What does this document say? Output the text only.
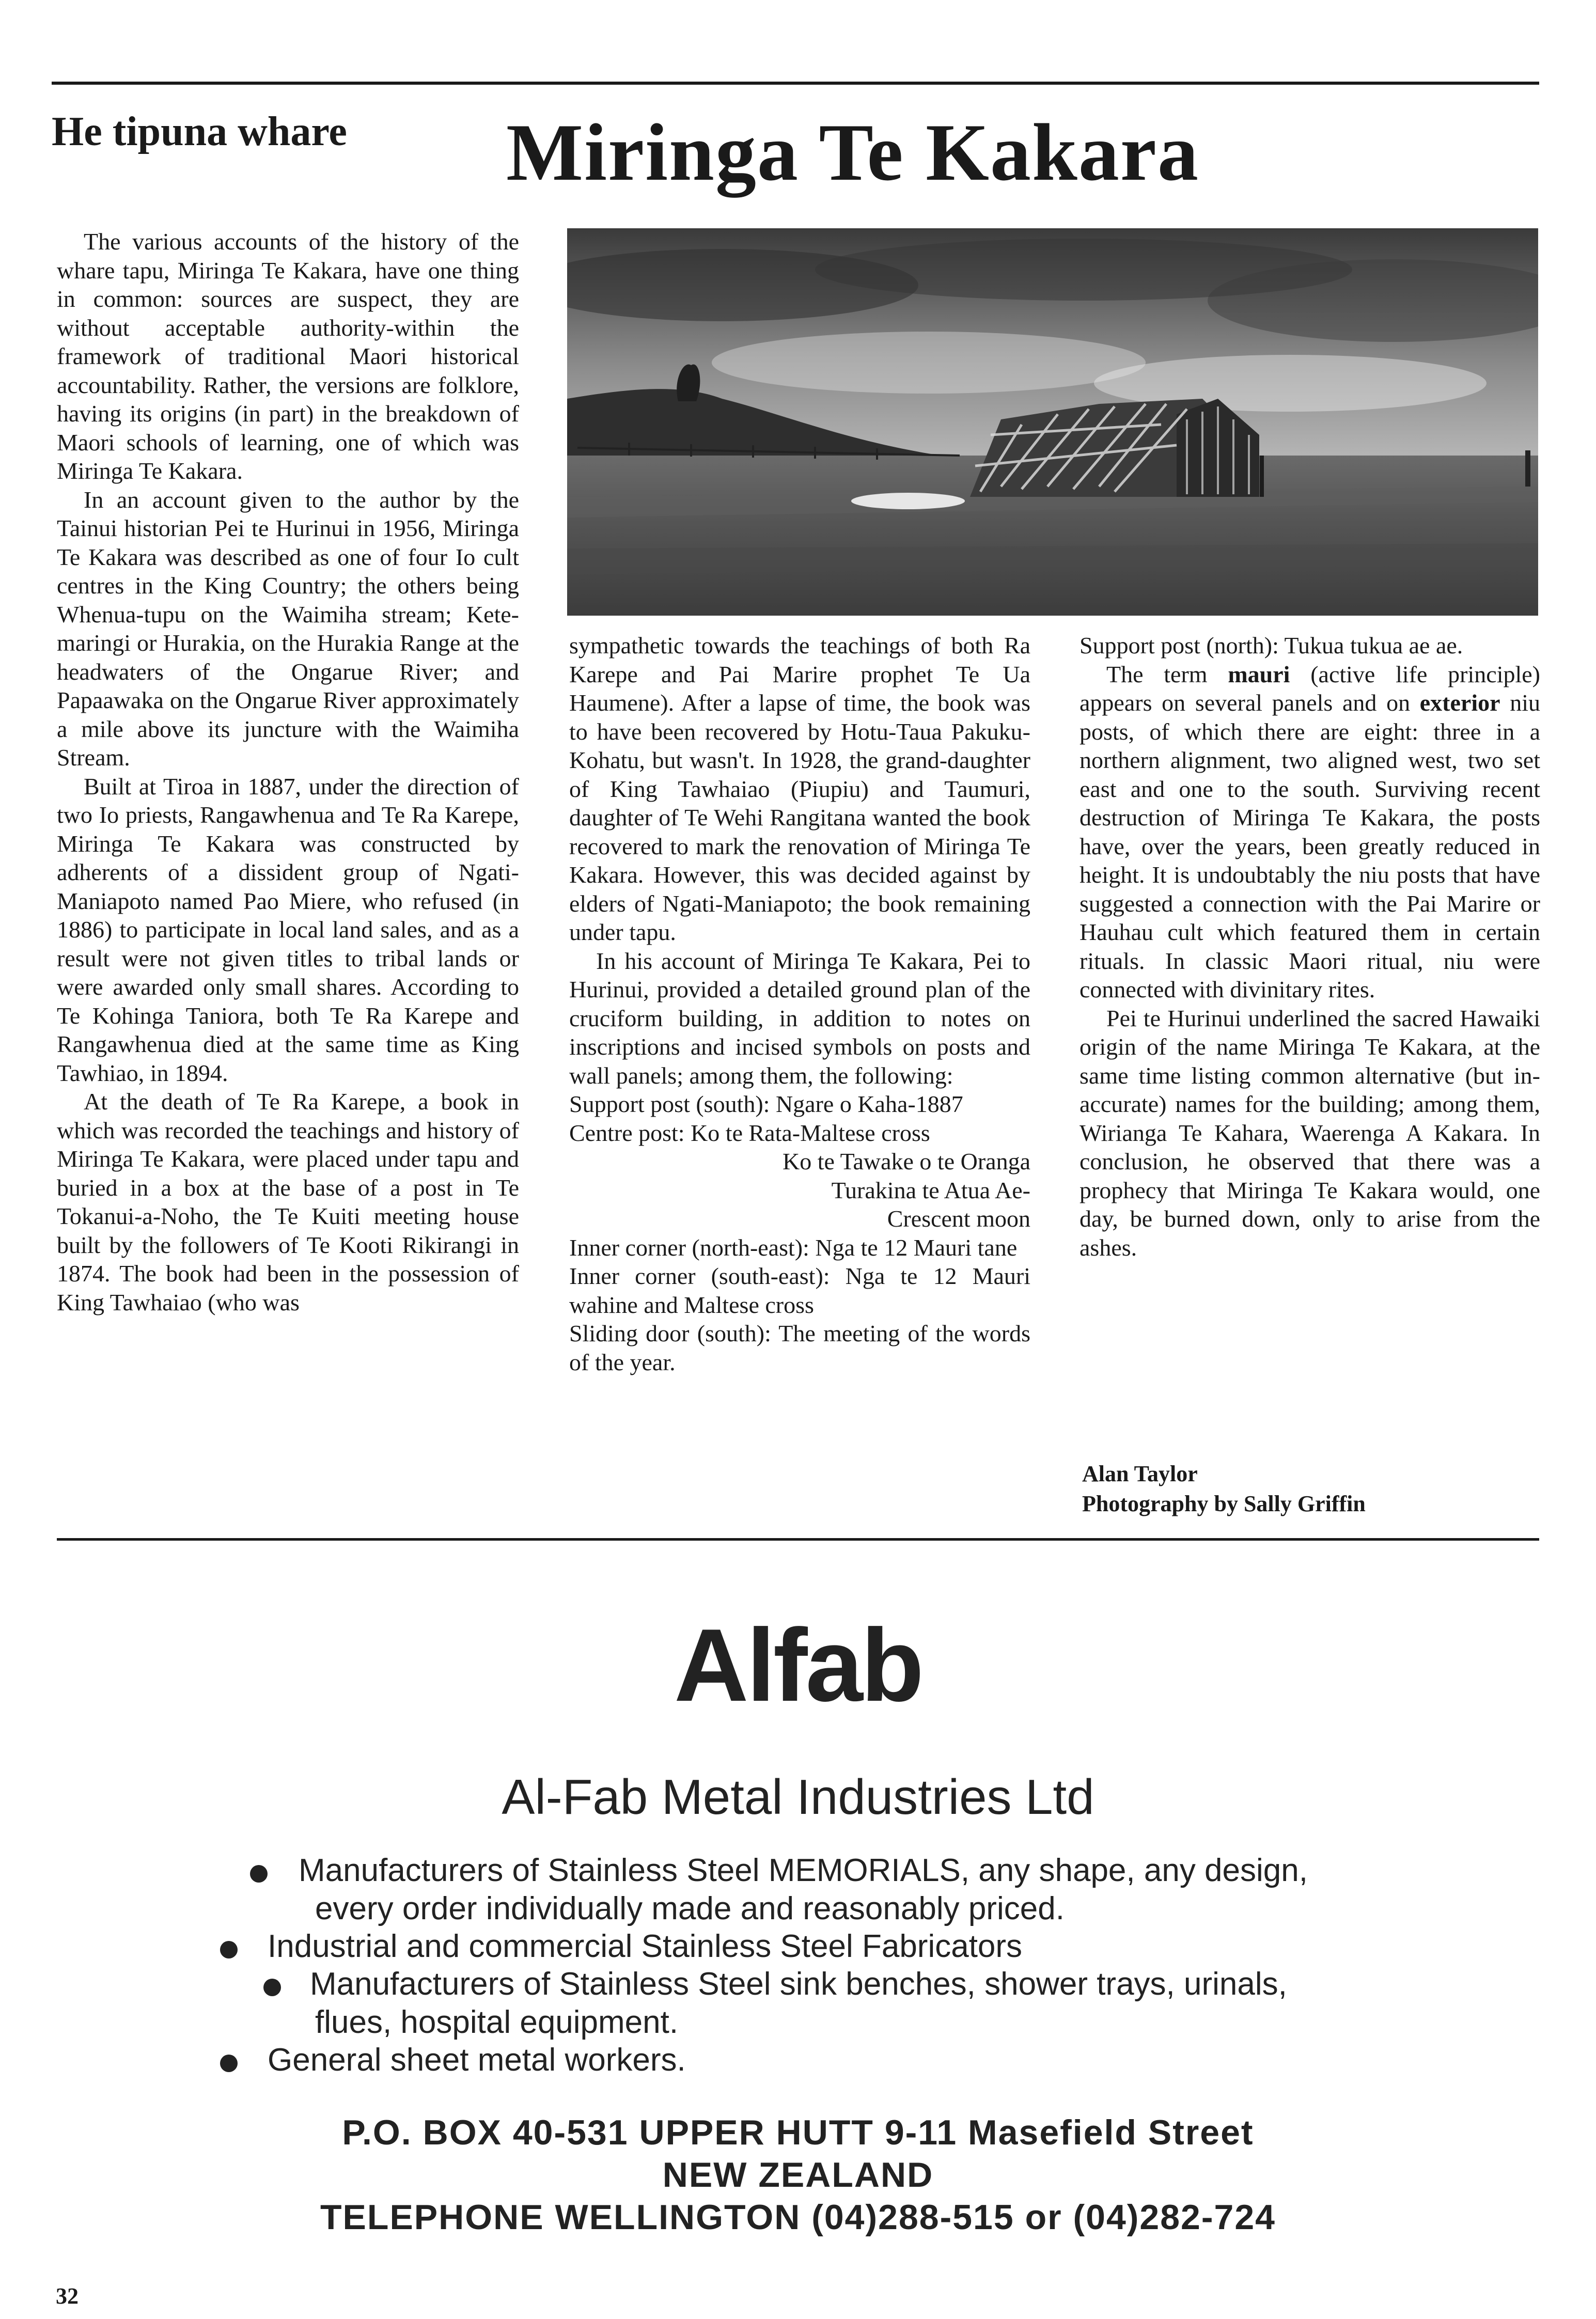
He tipuna whare Miringa Te Kakara

The various accounts of the history of the whare tapu, Miringa Te Kakara, have one thing in common: sources are suspect, they are without acceptable authority-within the framework of traditional Maori historical accountability. Rather, the versions are folklore, having its origins (in part) in the breakdown of Maori schools of learning, one of which was Miringa Te Kakara.

In an account given to the author by the Tainui historian Pei te Hurinui in 1956, Miringa Te Kakara was described as one of four Io cult centres in the King Country; the others being Whenua-tupu on the Waimiha stream; Kete-maringi or Hurakia, on the Hurakia Range at the headwaters of the Ongarue River; and Papaawaka on the Ongarue River approximately a mile above its juncture with the Waimiha Stream.

Built at Tiroa in 1887, under the direction of two Io priests, Rangawhenua and Te Ra Karepe, Miringa Te Kakara was constructed by adherents of a dissident group of Ngati-Maniapoto named Pao Miere, who refused (in 1886) to participate in local land sales, and as a result were not given titles to tribal lands or were awarded only small shares. According to Te Kohinga Taniora, both Te Ra Karepe and Rangawhenua died at the same time as King Tawhiao, in 1894.

At the death of Te Ra Karepe, a book in which was recorded the teachings and history of Miringa Te Kakara, were placed under tapu and buried in a box at the base of a post in Te Tokanui-a-Noho, the Te Kuiti meeting house built by the followers of Te Kooti Rikirangi in 1874. The book had been in the possession of King Tawhaiao (who was

sympathetic towards the teachings of both Ra Karepe and Pai Marire prophet Te Ua Haumene). After a lapse of time, the book was to have been recovered by Hotu-Taua Pakuku-Kohatu, but wasn't. In 1928, the grand-daughter of King Tawhaiao (Piupiu) and Taumuri, daughter of Te Wehi Rangitana wanted the book recovered to mark the renovation of Miringa Te Kakara. However, this was decided against by elders of Ngati-Maniapoto; the book remaining under tapu.

In his account of Miringa Te Kakara, Pei to Hurinui, provided a detailed ground plan of the cruciform building, in addition to notes on inscriptions and incised symbols on posts and wall panels; among them, the following:

Support post (south): Ngare o Kaha-1887

Centre post: Ko te Rata-Maltese cross

Ko te Tawake o te Oranga

Turakina te Atua Ae-

Crescent moon

Inner corner (north-east): Nga te 12 Mauri tane

Inner corner (south-east): Nga te 12 Mauri wahine and Maltese cross

Sliding door (south): The meeting of the words of the year.

Support post (north): Tukua tukua ae ae.

The term mauri (active life principle) appears on several panels and on exterior niu posts, of which there are eight: three in a northern alignment, two aligned west, two set east and one to the south. Surviving recent destruction of Miringa Te Kakara, the posts have, over the years, been greatly reduced in height. It is undoubtably the niu posts that have suggested a connection with the Pai Marire or Hauhau cult which featured them in certain rituals. In classic Maori ritual, niu were connected with divinitary rites.

Pei te Hurinui underlined the sacred Hawaiki origin of the name Miringa Te Kakara, at the same time listing common alternative (but in-accurate) names for the building; among them, Wirianga Te Kahara, Waerenga A Kakara. In conclusion, he observed that there was a prophecy that Miringa Te Kakara would, one day, be burned down, only to arise from the ashes.

Alan Taylor
Photography by Sally Griffin
Alfab
Al-Fab Metal Industries Ltd
Manufacturers of Stainless Steel MEMORIALS, any shape, any design,
every order individually made and reasonably priced.
Industrial and commercial Stainless Steel Fabricators
Manufacturers of Stainless Steel sink benches, shower trays, urinals,
flues, hospital equipment.
General sheet metal workers.
P.O. BOX 40-531 UPPER HUTT 9-11 Masefield Street
NEW ZEALAND
TELEPHONE WELLINGTON (04)288-515 or (04)282-724
32
